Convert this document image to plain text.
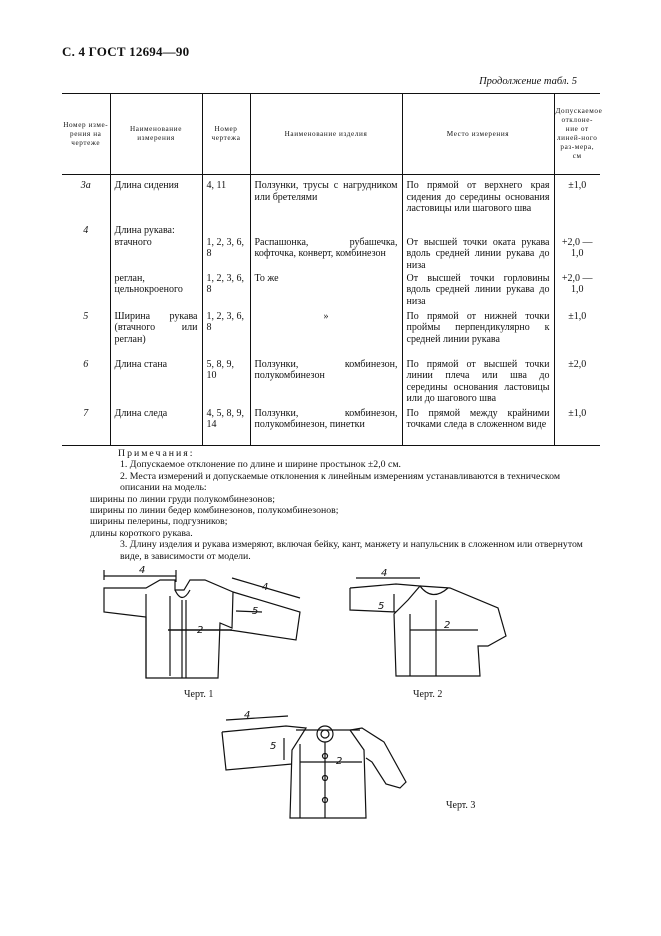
С. 4 ГОСТ 12694—90
Продолжение табл. 5
Номер изме-рения на чертеже	Наименование измерения	Номер чертежа	Наименование изделия	Место измерения	Допускаемое отклоне-ние от линей-ного раз-мера, см
3а	Длина сидения	4, 11	Ползунки, трусы с нагрудником или бретелями	По прямой от верхнего края сидения до середины основания ластовицы или шагового шва	±1,0
4	Длина рукава:				
	втачного	1, 2, 3, 6, 8	Распашонка, рубашечка, кофточка, конверт, комбинезон	От высшей точки оката рукава вдоль средней линии рукава до низа	+2,0 —1,0
	реглан, цельнокроеного	1, 2, 3, 6, 8	То же	От высшей точки горловины вдоль средней линии рукава до низа	+2,0 —1,0
5	Ширина рукава (втачного или реглан)	1, 2, 3, 6, 8	»	По прямой от нижней точки проймы перпендикулярно к средней линии рукава	±1,0
6	Длина стана	5, 8, 9, 10	Ползунки, комбинезон, полукомбинезон	По прямой от высшей точки линии плеча или шва до середины основания ластовицы или до шагового шва	±2,0
7	Длина следа	4, 5, 8, 9, 14	Ползунки, комбинезон, полукомбинезон, пинетки	По прямой между крайними точками следа в сложенном виде	±1,0

Примечания:

1. Допускаемое отклонение по длине и ширине простынок ±2,0 см.

2. Места измерений и допускаемые отклонения к линейным измерениям устанавливаются в техническом описании на модель:

ширины по линии груди полукомбинезонов;

ширины по линии бедер комбинезонов, полукомбинезонов;

ширины пелерины, подгузников;

длины короткого рукава.

3. Длину изделия и рукава измеряют, включая бейку, кант, манжету и напульсник в сложенном или отвернутом виде, в зависимости от модели.

4
4
5
2
Черт. 1
4
5
2
Черт. 2
4
5
2
Черт. 3
